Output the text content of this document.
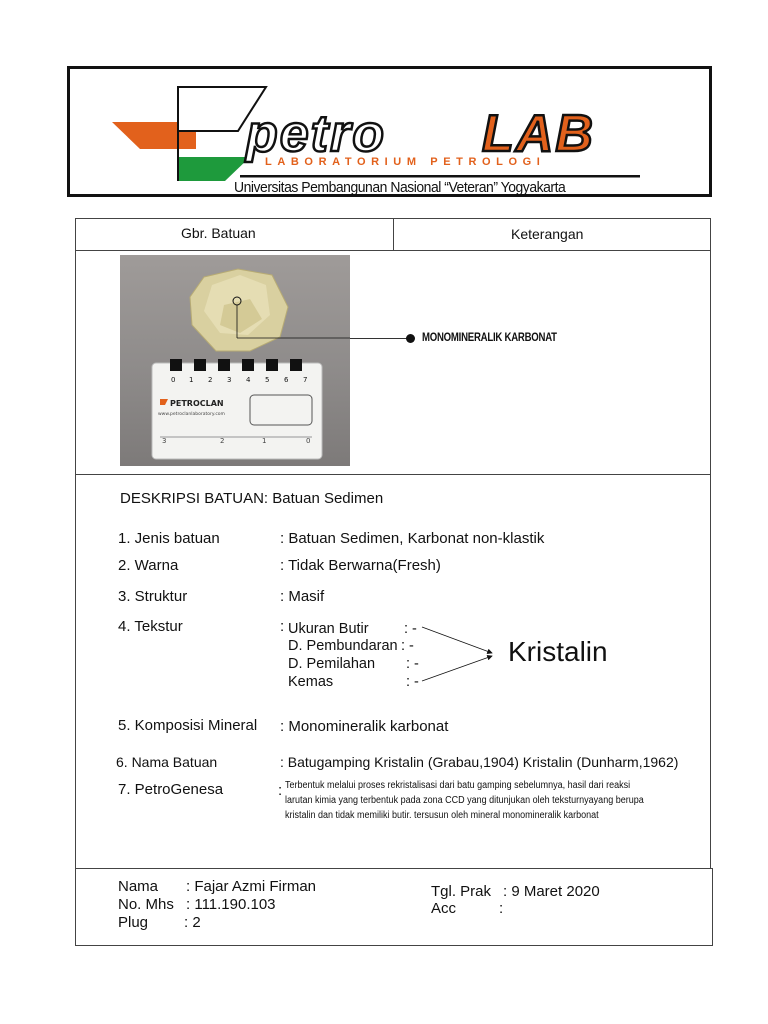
petro LAB
LABORATORIUM PETROLOGI
Universitas Pembangunan Nasional “Veteran” Yogyakarta
Gbr. Batuan	Keterangan
0 1 2 3 4 5 6 7
PETROCLAN
www.petroclanlaboratory.com
3	2	1	0
MONOMINERALIK KARBONAT
DESKRIPSI BATUAN: Batuan Sedimen
1. Jenis batuan	: Batuan Sedimen, Karbonat non-klastik
2. Warna	: Tidak Berwarna(Fresh)
3. Struktur	: Masif
4. Tekstur	: Ukuran Butir : -
D. Pembundaran : -
D. Pemilahan : -
Kemas	: -
Kristalin
5. Komposisi Mineral : Monomineralik karbonat
6. Nama Batuan	: Batugamping Kristalin (Grabau,1904) Kristalin (Dunharm,1962)
7. PetroGenesa	: Terbentuk melalui proses rekristalisasi dari batu gamping sebelumnya, hasil dari reaksi
larutan kimia yang terbentuk pada zona CCD yang ditunjukan oleh teksturnyayang berupa
kristalin dan tidak memiliki butir. tersusun oleh mineral monomineralik karbonat
Nama : Fajar Azmi Firman
No. Mhs : 111.190.103
Plug : 2
Tgl. Prak : 9 Maret 2020
Acc	:
